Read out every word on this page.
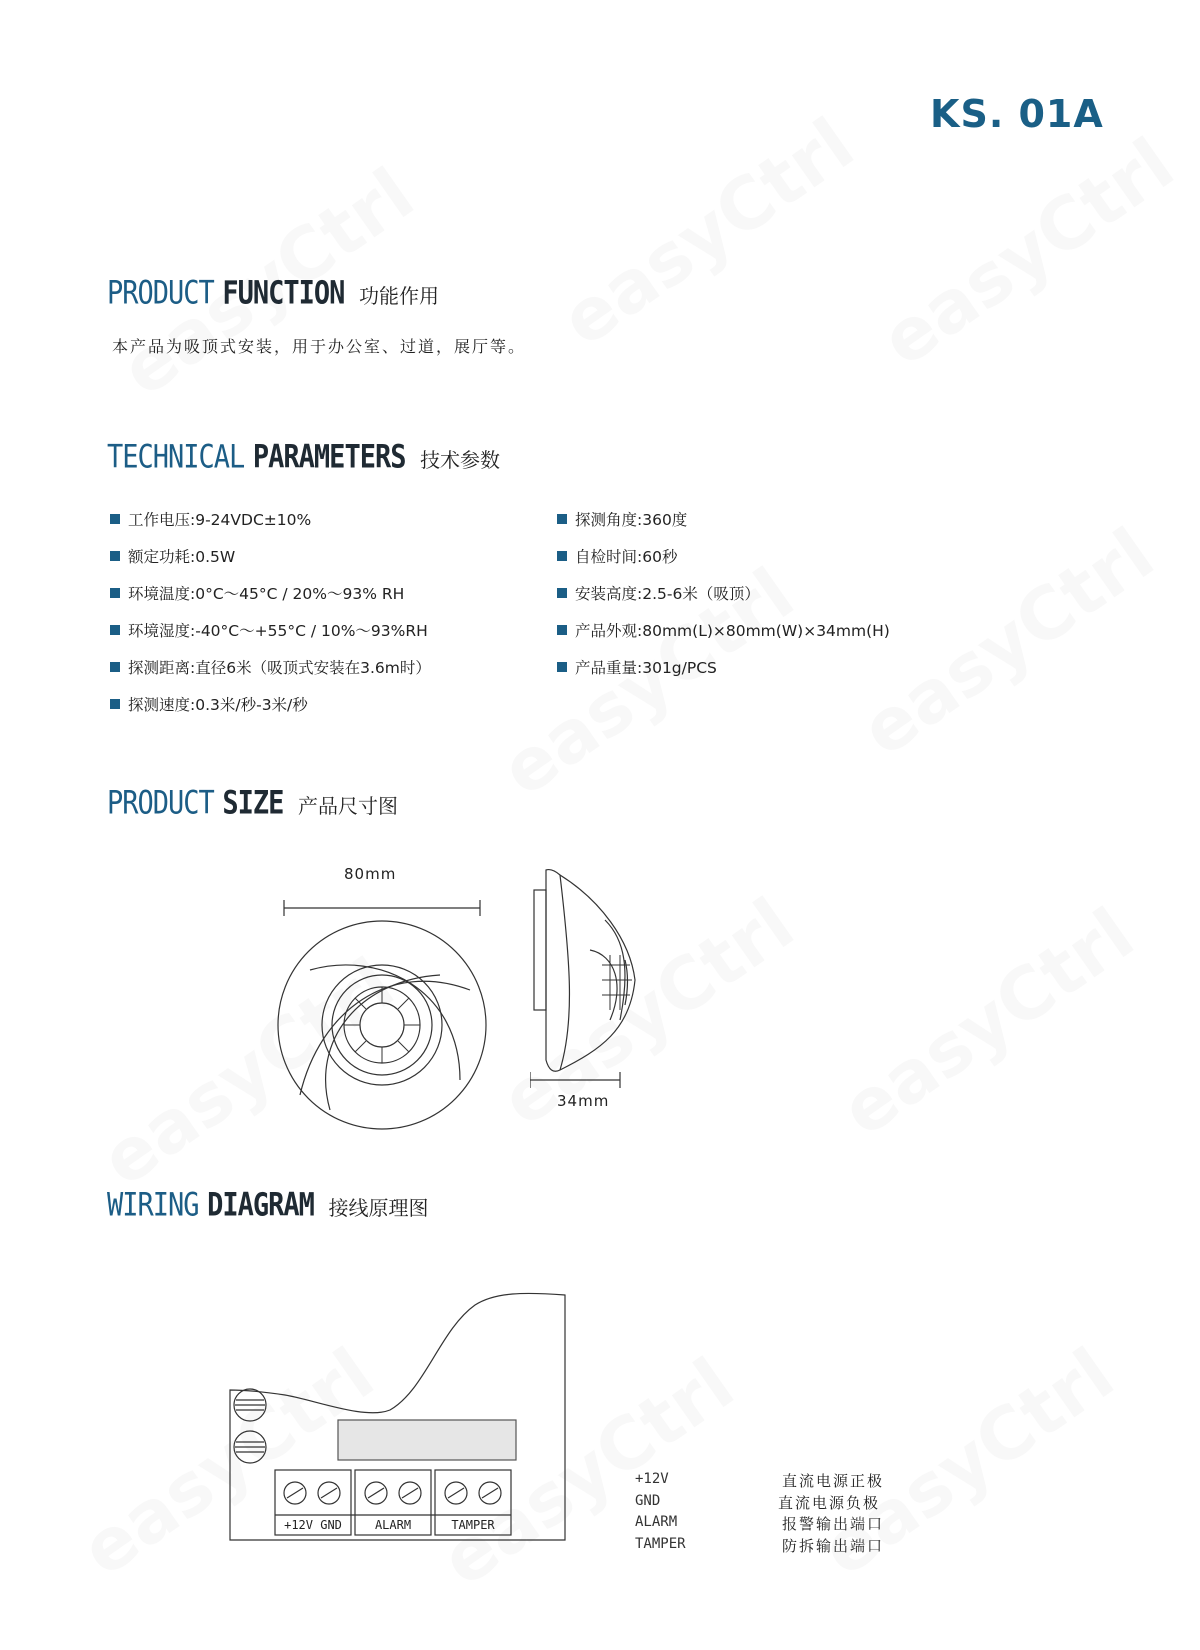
KS. 01A
PRODUCT FUNCTION 功能作用
本产品为吸顶式安装，用于办公室、过道，展厅等。
TECHNICAL PARAMETERS 技术参数
工作电压:9-24VDC±10%
额定功耗:0.5W
环境温度:0°C～45°C / 20%～93% RH
环境湿度:-40°C～+55°C / 10%～93%RH
探测距离:直径6米（吸顶式安装在3.6m时）
探测速度:0.3米/秒-3米/秒
探测角度:360度
自检时间:60秒
安装高度:2.5-6米（吸顶）
产品外观:80mm(L)×80mm(W)×34mm(H)
产品重量:301g/PCS
PRODUCT SIZE 产品尺寸图
80mm
34mm
WIRING DIAGRAM 接线原理图
+12V GND	ALARM	TAMPER
+12V	直流电源正极
GND	直流电源负极
ALARM	报警输出端口
TAMPER	防拆输出端口
